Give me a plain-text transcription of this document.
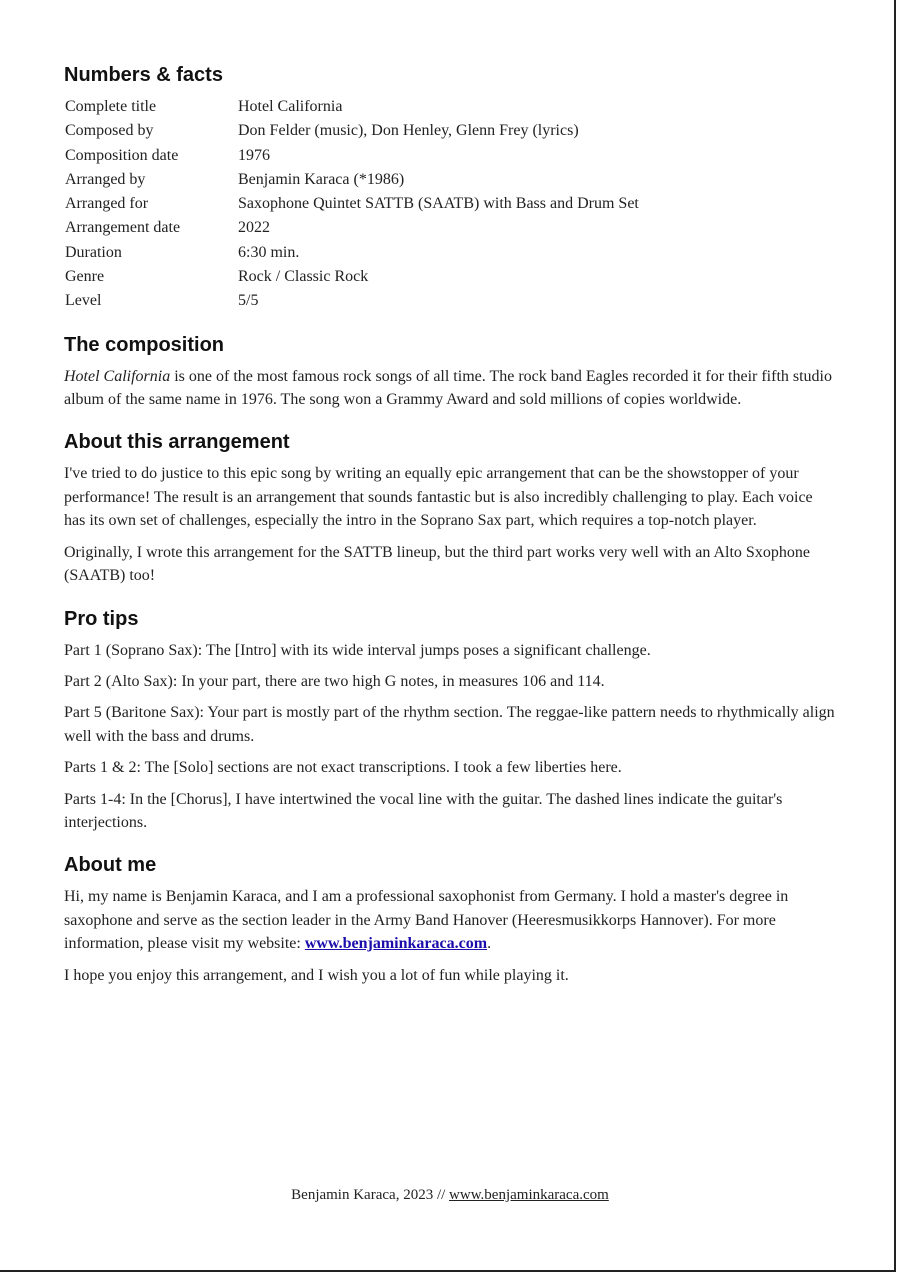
Numbers & facts
Complete title	Hotel California
Composed by	Don Felder (music), Don Henley, Glenn Frey (lyrics)
Composition date	1976
Arranged by	Benjamin Karaca (*1986)
Arranged for	Saxophone Quintet SATTB (SAATB) with Bass and Drum Set
Arrangement date	2022
Duration	6:30 min.
Genre	Rock / Classic Rock
Level	5/5
The composition

Hotel California is one of the most famous rock songs of all time. The rock band Eagles recorded it for their fifth studio album of the same name in 1976. The song won a Grammy Award and sold millions of copies worldwide.

About this arrangement

I've tried to do justice to this epic song by writing an equally epic arrangement that can be the showstopper of your performance! The result is an arrangement that sounds fantastic but is also incredibly challenging to play. Each voice has its own set of challenges, especially the intro in the Soprano Sax part, which requires a top-notch player.

Originally, I wrote this arrangement for the SATTB lineup, but the third part works very well with an Alto Sxophone (SAATB) too!

Pro tips

Part 1 (Soprano Sax): The [Intro] with its wide interval jumps poses a significant challenge.

Part 2 (Alto Sax): In your part, there are two high G notes, in measures 106 and 114.

Part 5 (Baritone Sax): Your part is mostly part of the rhythm section. The reggae-like pattern needs to rhythmically align well with the bass and drums.

Parts 1 & 2: The [Solo] sections are not exact transcriptions. I took a few liberties here.

Parts 1-4: In the [Chorus], I have intertwined the vocal line with the guitar. The dashed lines indicate the guitar's interjections.

About me

Hi, my name is Benjamin Karaca, and I am a professional saxophonist from Germany. I hold a master's degree in saxophone and serve as the section leader in the Army Band Hanover (Heeresmusikkorps Hannover). For more information, please visit my website: www.benjaminkaraca.com.

I hope you enjoy this arrangement, and I wish you a lot of fun while playing it.

Benjamin Karaca, 2023 // www.benjaminkaraca.com
